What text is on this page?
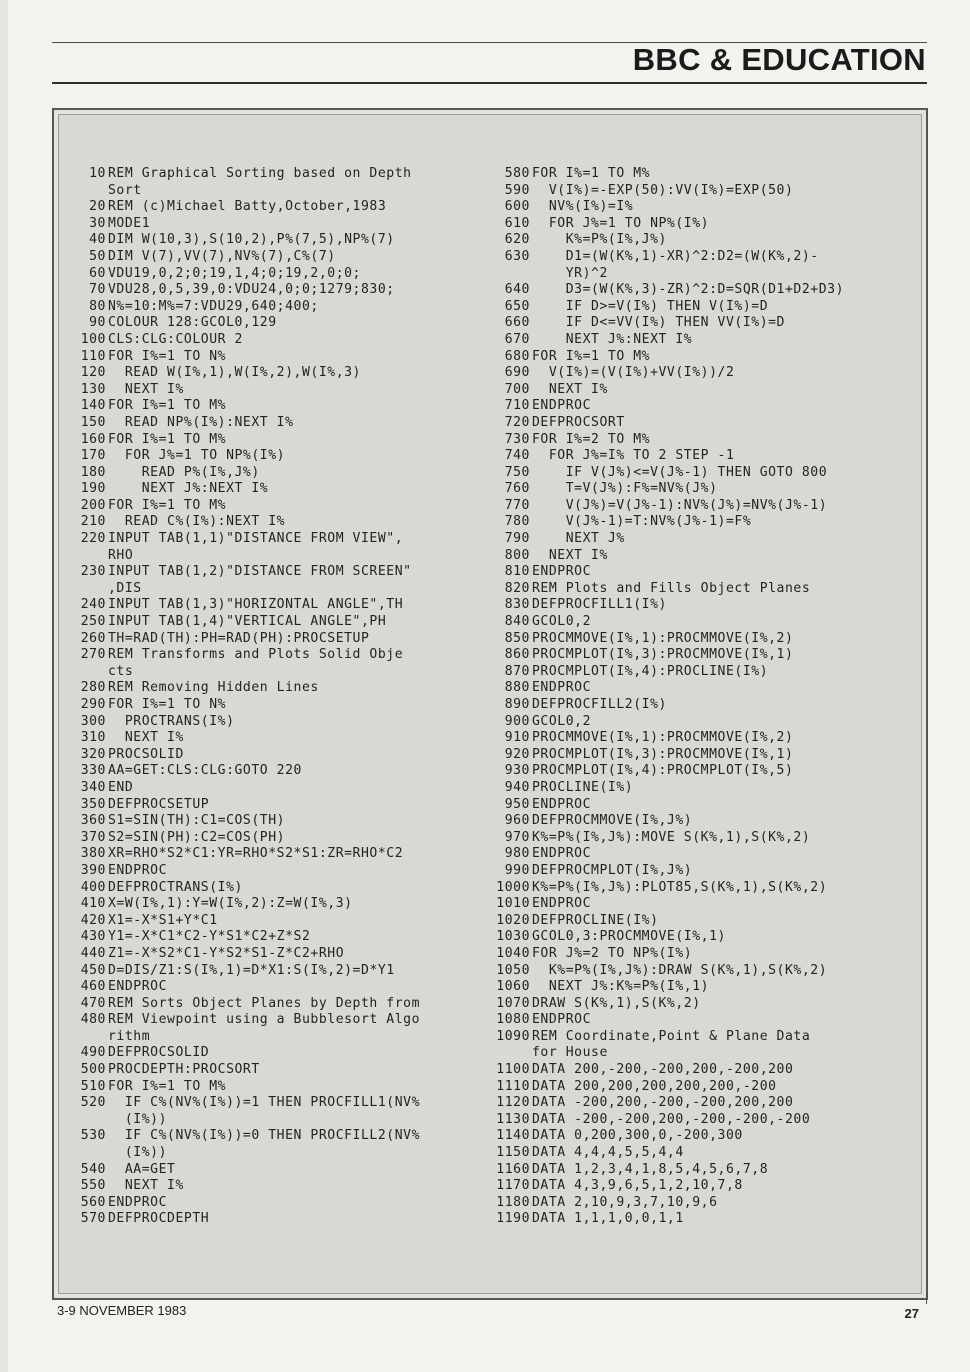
BBC & EDUCATION
10 REM Graphical Sorting based on Depth
Sort
20 REM (c)Michael Batty,October,1983
30 MODE1
40 DIM W(10,3),S(10,2),P%(7,5),NP%(7)
50 DIM V(7),VV(7),NV%(7),C%(7)
60 VDU19,0,2;0;19,1,4;0;19,2,0;0;
70 VDU28,0,5,39,0:VDU24,0;0;1279;830;
80 N%=10:M%=7:VDU29,640;400;
90 COLOUR 128:GCOL0,129
100 CLS:CLG:COLOUR 2
110 FOR I%=1 TO N%
120 READ W(I%,1),W(I%,2),W(I%,3)
130 NEXT I%
140 FOR I%=1 TO M%
150 READ NP%(I%):NEXT I%
160 FOR I%=1 TO M%
170 FOR J%=1 TO NP%(I%)
180 READ P%(I%,J%)
190 NEXT J%:NEXT I%
200 FOR I%=1 TO M%
210 READ C%(I%):NEXT I%
220 INPUT TAB(1,1)"DISTANCE FROM VIEW",
RHO
230 INPUT TAB(1,2)"DISTANCE FROM SCREEN"
,DIS
240 INPUT TAB(1,3)"HORIZONTAL ANGLE",TH
250 INPUT TAB(1,4)"VERTICAL ANGLE",PH
260 TH=RAD(TH):PH=RAD(PH):PROCSETUP
270 REM Transforms and Plots Solid Obje
cts
280 REM Removing Hidden Lines
290 FOR I%=1 TO N%
300 PROCTRANS(I%)
310 NEXT I%
320 PROCSOLID
330 AA=GET:CLS:CLG:GOTO 220
340 END
350 DEFPROCSETUP
360 S1=SIN(TH):C1=COS(TH)
370 S2=SIN(PH):C2=COS(PH)
380 XR=RHO*S2*C1:YR=RHO*S2*S1:ZR=RHO*C2
390 ENDPROC
400 DEFPROCTRANS(I%)
410 X=W(I%,1):Y=W(I%,2):Z=W(I%,3)
420 X1=-X*S1+Y*C1
430 Y1=-X*C1*C2-Y*S1*C2+Z*S2
440 Z1=-X*S2*C1-Y*S2*S1-Z*C2+RHO
450 D=DIS/Z1:S(I%,1)=D*X1:S(I%,2)=D*Y1
460 ENDPROC
470 REM Sorts Object Planes by Depth from
480 REM Viewpoint using a Bubblesort Algo
rithm
490 DEFPROCSOLID
500 PROCDEPTH:PROCSORT
510 FOR I%=1 TO M%
520 IF C%(NV%(I%))=1 THEN PROCFILL1(NV%
(I%))
530 IF C%(NV%(I%))=0 THEN PROCFILL2(NV%
(I%))
540 AA=GET
550 NEXT I%
560 ENDPROC
570 DEFPROCDEPTH
580 FOR I%=1 TO M%
590 V(I%)=-EXP(50):VV(I%)=EXP(50)
600 NV%(I%)=I%
610 FOR J%=1 TO NP%(I%)
620 K%=P%(I%,J%)
630 D1=(W(K%,1)-XR)^2:D2=(W(K%,2)-
YR)^2
640 D3=(W(K%,3)-ZR)^2:D=SQR(D1+D2+D3)
650 IF D>=V(I%) THEN V(I%)=D
660 IF D<=VV(I%) THEN VV(I%)=D
670 NEXT J%:NEXT I%
680 FOR I%=1 TO M%
690 V(I%)=(V(I%)+VV(I%))/2
700 NEXT I%
710 ENDPROC
720 DEFPROCSORT
730 FOR I%=2 TO M%
740 FOR J%=I% TO 2 STEP -1
750 IF V(J%)<=V(J%-1) THEN GOTO 800
760 T=V(J%):F%=NV%(J%)
770 V(J%)=V(J%-1):NV%(J%)=NV%(J%-1)
780 V(J%-1)=T:NV%(J%-1)=F%
790 NEXT J%
800 NEXT I%
810 ENDPROC
820 REM Plots and Fills Object Planes
830 DEFPROCFILL1(I%)
840 GCOL0,2
850 PROCMMOVE(I%,1):PROCMMOVE(I%,2)
860 PROCMPLOT(I%,3):PROCMMOVE(I%,1)
870 PROCMPLOT(I%,4):PROCLINE(I%)
880 ENDPROC
890 DEFPROCFILL2(I%)
900 GCOL0,2
910 PROCMMOVE(I%,1):PROCMMOVE(I%,2)
920 PROCMPLOT(I%,3):PROCMMOVE(I%,1)
930 PROCMPLOT(I%,4):PROCMPLOT(I%,5)
940 PROCLINE(I%)
950 ENDPROC
960 DEFPROCMMOVE(I%,J%)
970 K%=P%(I%,J%):MOVE S(K%,1),S(K%,2)
980 ENDPROC
990 DEFPROCMPLOT(I%,J%)
1000 K%=P%(I%,J%):PLOT85,S(K%,1),S(K%,2)
1010 ENDPROC
1020 DEFPROCLINE(I%)
1030 GCOL0,3:PROCMMOVE(I%,1)
1040 FOR J%=2 TO NP%(I%)
1050 K%=P%(I%,J%):DRAW S(K%,1),S(K%,2)
1060 NEXT J%:K%=P%(I%,1)
1070 DRAW S(K%,1),S(K%,2)
1080 ENDPROC
1090 REM Coordinate,Point & Plane Data
for House
1100 DATA 200,-200,-200,200,-200,200
1110 DATA 200,200,200,200,200,-200
1120 DATA -200,200,-200,-200,200,200
1130 DATA -200,-200,200,-200,-200,-200
1140 DATA 0,200,300,0,-200,300
1150 DATA 4,4,4,5,5,4,4
1160 DATA 1,2,3,4,1,8,5,4,5,6,7,8
1170 DATA 4,3,9,6,5,1,2,10,7,8
1180 DATA 2,10,9,3,7,10,9,6
1190 DATA 1,1,1,0,0,1,1
3-9 NOVEMBER 1983	27
